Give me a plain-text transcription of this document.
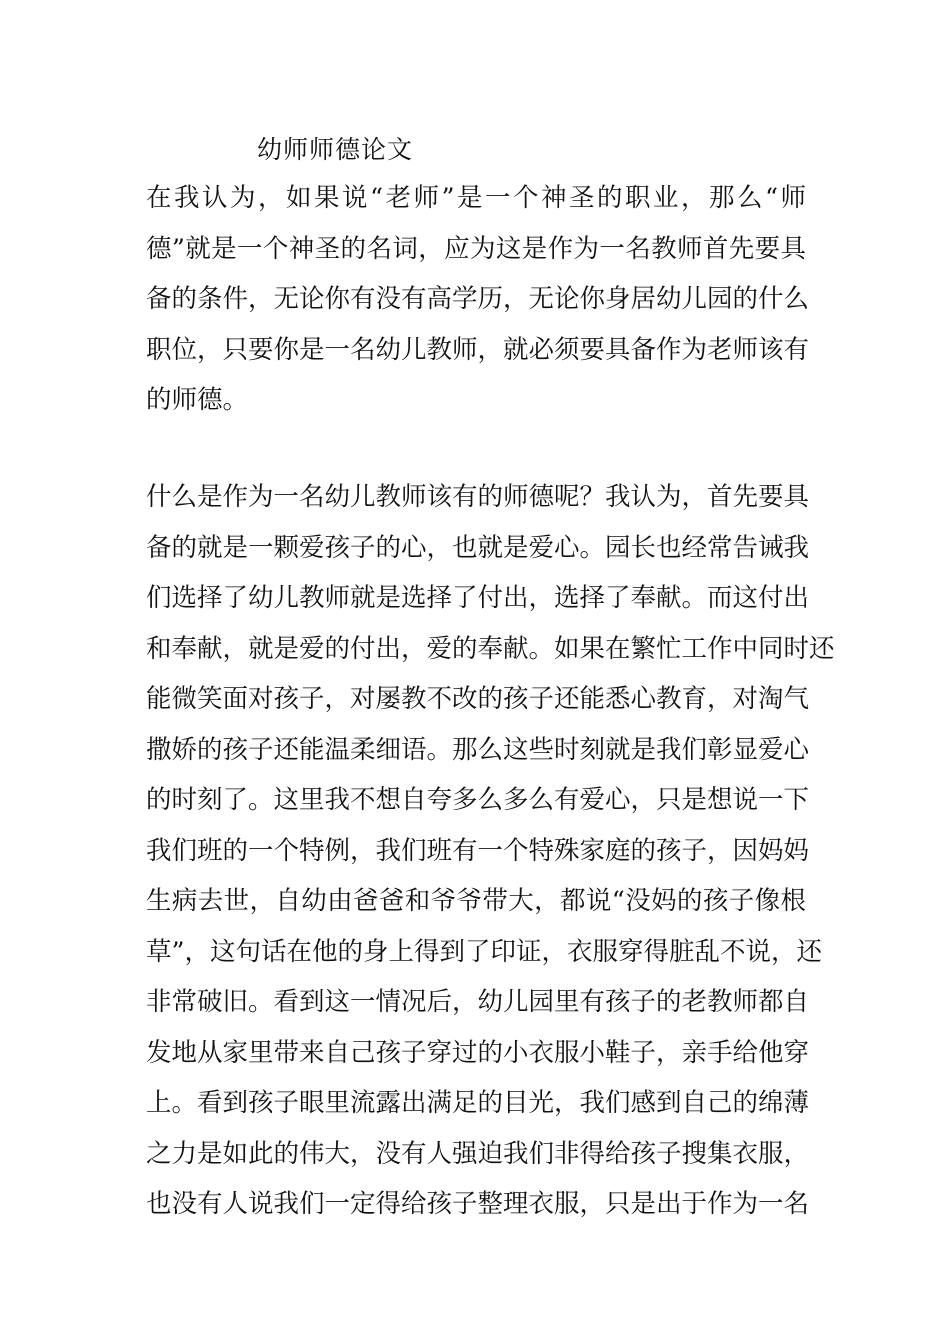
幼师师德论文
在我认为，如果说“老师”是一个神圣的职业，那么“师
德”就是一个神圣的名词，应为这是作为一名教师首先要具
备的条件，无论你有没有高学历，无论你身居幼儿园的什么
职位，只要你是一名幼儿教师，就必须要具备作为老师该有
的师德。
什么是作为一名幼儿教师该有的师德呢？我认为，首先要具
备的就是一颗爱孩子的心，也就是爱心。园长也经常告诫我
们选择了幼儿教师就是选择了付出，选择了奉献。而这付出
和奉献，就是爱的付出，爱的奉献。如果在繁忙工作中同时还
能微笑面对孩子，对屡教不改的孩子还能悉心教育，对淘气
撒娇的孩子还能温柔细语。那么这些时刻就是我们彰显爱心
的时刻了。这里我不想自夸多么多么有爱心，只是想说一下
我们班的一个特例，我们班有一个特殊家庭的孩子，因妈妈
生病去世，自幼由爸爸和爷爷带大，都说“没妈的孩子像根
草”，这句话在他的身上得到了印证，衣服穿得脏乱不说，还
非常破旧。看到这一情况后，幼儿园里有孩子的老教师都自
发地从家里带来自己孩子穿过的小衣服小鞋子，亲手给他穿
上。看到孩子眼里流露出满足的目光，我们感到自己的绵薄
之力是如此的伟大，没有人强迫我们非得给孩子搜集衣服，
也没有人说我们一定得给孩子整理衣服，只是出于作为一名
